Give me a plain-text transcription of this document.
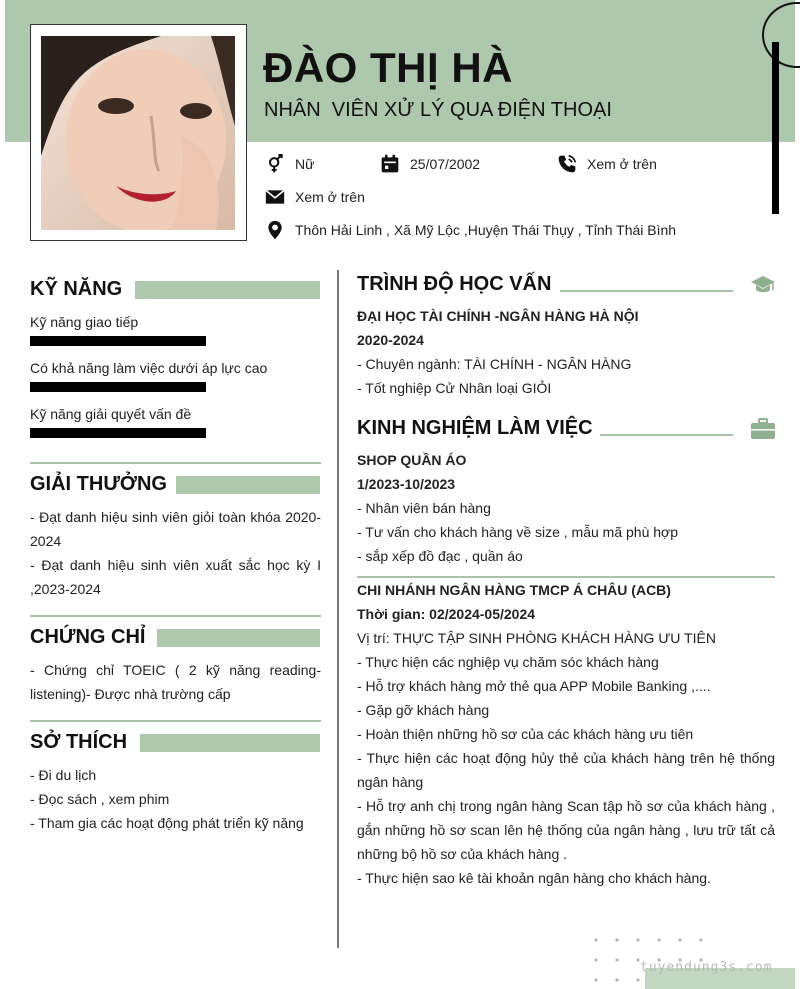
ĐÀO THỊ HÀ
NHÂN  VIÊN XỬ LÝ QUA ĐIỆN THOẠI
Nữ	25/07/2002	Xem ở trên
Xem ở trên
Thôn Hải Linh , Xã Mỹ Lộc ,Huyện Thái Thụy , Tỉnh Thái Bình
KỸ NĂNG
Kỹ năng giao tiếp
Có khả năng làm việc dưới áp lực cao
Kỹ năng giải quyết vấn đề
GIẢI THƯỞNG
- Đạt danh hiệu sinh viên giỏi toàn khóa 2020-2024
- Đạt danh hiệu sinh viên xuất sắc học kỳ I ,2023-2024
CHỨNG CHỈ
- Chứng chỉ TOEIC ( 2 kỹ năng reading-listening)- Được nhà trường cấp
SỞ THÍCH
- Đi du lịch
- Đọc sách , xem phim
- Tham gia các hoạt động phát triển kỹ năng
TRÌNH ĐỘ HỌC VẤN
ĐẠI HỌC TÀI CHÍNH -NGÂN HÀNG HÀ NỘI
2020-2024
- Chuyên ngành: TÀI CHÍNH - NGÂN HÀNG
- Tốt nghiệp Cử Nhân loại GIỎI
KINH NGHIỆM LÀM VIỆC
SHOP QUẦN ÁO
1/2023-10/2023
- Nhân viên bán hàng
- Tư vấn cho khách hàng về size , mẫu mã phù hợp
- sắp xếp đồ đạc , quần áo
CHI NHÁNH NGÂN HÀNG TMCP Á CHÂU (ACB)
Thời gian: 02/2024-05/2024
Vị trí: THỰC TẬP SINH PHÒNG KHÁCH HÀNG ƯU TIÊN
- Thực hiện các nghiệp vụ chăm sóc khách hàng
- Hỗ trợ khách hàng mở thẻ qua APP Mobile Banking ,....
- Gặp gỡ khách hàng
- Hoàn thiện những hồ sơ của các khách hàng ưu tiên
- Thực hiện các hoạt động hủy thẻ của khách hàng trên hệ thống ngân hàng
- Hỗ trợ anh chị trong ngân hàng Scan tập hồ sơ của khách hàng , gắn những hồ sơ scan lên hệ thống của ngân hàng , lưu trữ tất cả những bộ hồ sơ của khách hàng .
- Thực hiện sao kê tài khoản ngân hàng cho khách hàng.
tuyendung3s.com
